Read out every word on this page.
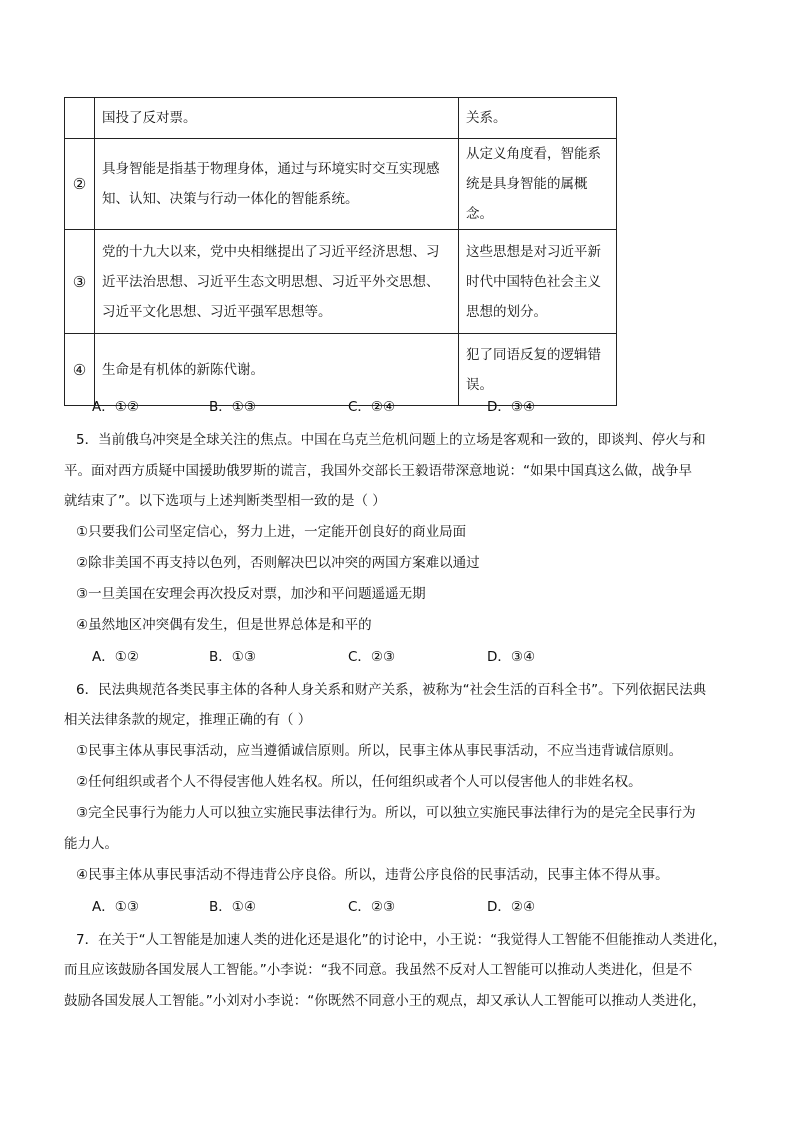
	国投了反对票。	关系。
②	具身智能是指基于物理身体，通过与环境实时交互实现感知、认知、决策与行动一体化的智能系统。	从定义角度看，智能系统是具身智能的属概念。
③	党的十九大以来，党中央相继提出了习近平经济思想、习近平法治思想、习近平生态文明思想、习近平外交思想、习近平文化思想、习近平强军思想等。	这些思想是对习近平新时代中国特色社会主义思想的划分。
④	生命是有机体的新陈代谢。	犯了同语反复的逻辑错误。
A．①②	B．①③	C．②④	D．③④
5．当前俄乌冲突是全球关注的焦点。中国在乌克兰危机问题上的立场是客观和一致的，即谈判、停火与和
平。面对西方质疑中国援助俄罗斯的谎言，我国外交部长王毅语带深意地说：“如果中国真这么做，战争早
就结束了”。以下选项与上述判断类型相一致的是（ ）
①只要我们公司坚定信心，努力上进，一定能开创良好的商业局面
②除非美国不再支持以色列，否则解决巴以冲突的两国方案难以通过
③一旦美国在安理会再次投反对票，加沙和平问题遥遥无期
④虽然地区冲突偶有发生，但是世界总体是和平的
A．①②	B．①③	C．②③	D．③④
6．民法典规范各类民事主体的各种人身关系和财产关系，被称为“社会生活的百科全书”。下列依据民法典
相关法律条款的规定，推理正确的有（ ）
①民事主体从事民事活动，应当遵循诚信原则。所以，民事主体从事民事活动，不应当违背诚信原则。
②任何组织或者个人不得侵害他人姓名权。所以，任何组织或者个人可以侵害他人的非姓名权。
③完全民事行为能力人可以独立实施民事法律行为。所以，可以独立实施民事法律行为的是完全民事行为
能力人。
④民事主体从事民事活动不得违背公序良俗。所以，违背公序良俗的民事活动，民事主体不得从事。
A．①③	B．①④	C．②③	D．②④
7．在关于“人工智能是加速人类的进化还是退化”的讨论中，小王说：“我觉得人工智能不但能推动人类进化，
而且应该鼓励各国发展人工智能。”小李说：“我不同意。我虽然不反对人工智能可以推动人类进化，但是不
鼓励各国发展人工智能。”小刘对小李说：“你既然不同意小王的观点，却又承认人工智能可以推动人类进化，
